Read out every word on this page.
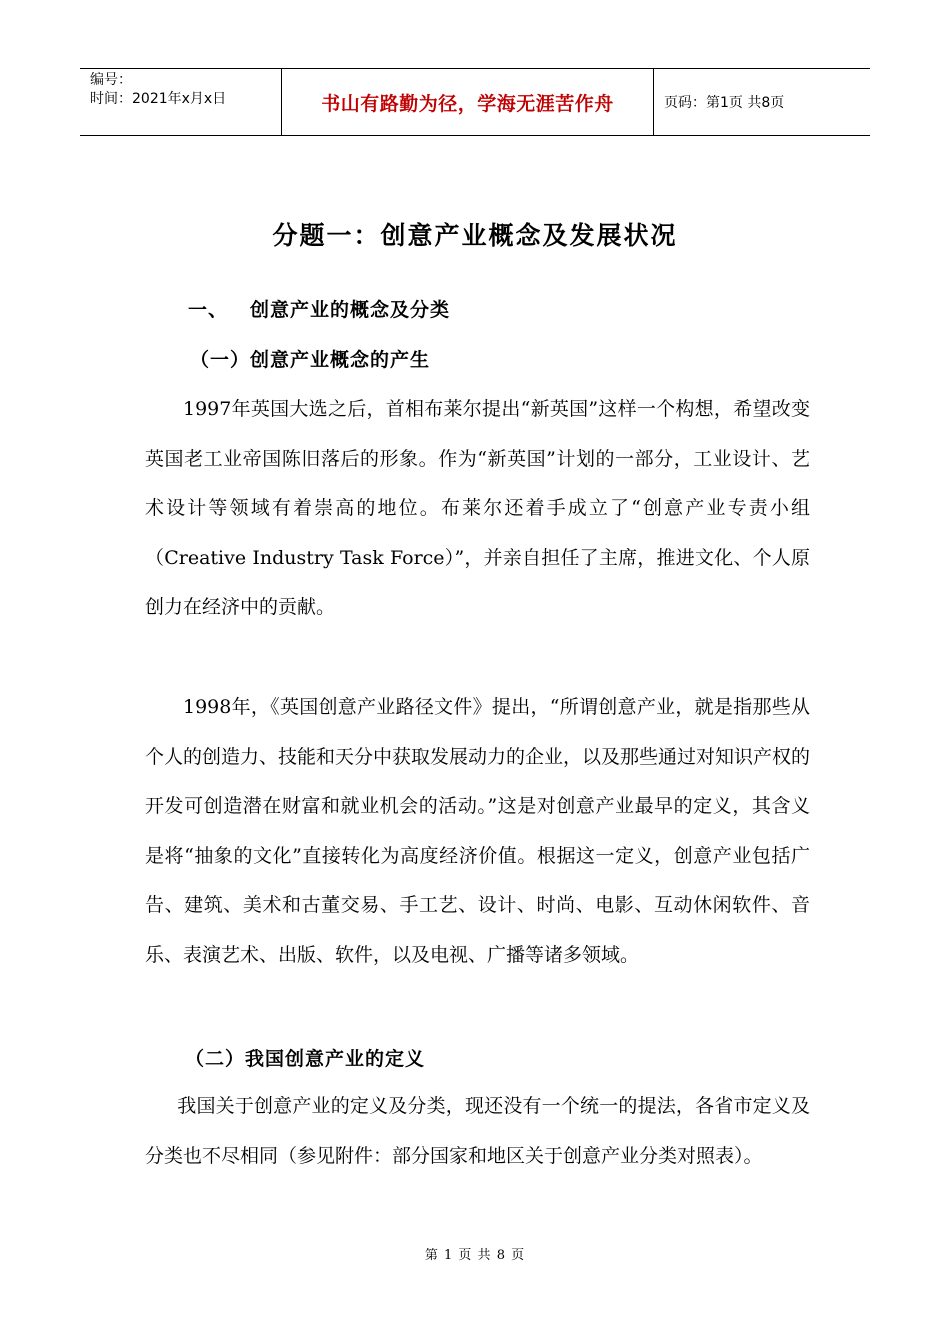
编号：
时间：2021年x月x日	书山有路勤为径，学海无涯苦作舟	页码：第1页 共8页
分题一：创意产业概念及发展状况
一、 创意产业的概念及分类
（一）创意产业概念的产生
1997年英国大选之后，首相布莱尔提出“新英国”这样一个构想，希望改变英国老工业帝国陈旧落后的形象。作为“新英国”计划的一部分，工业设计、艺术设计等领域有着崇高的地位。布莱尔还着手成立了“创意产业专责小组（Creative Industry Task Force）”，并亲自担任了主席，推进文化、个人原创力在经济中的贡献。
1998年，《英国创意产业路径文件》提出，“所谓创意产业，就是指那些从个人的创造力、技能和天分中获取发展动力的企业，以及那些通过对知识产权的开发可创造潜在财富和就业机会的活动。”这是对创意产业最早的定义，其含义是将“抽象的文化”直接转化为高度经济价值。根据这一定义，创意产业包括广告、建筑、美术和古董交易、手工艺、设计、时尚、电影、互动休闲软件、音乐、表演艺术、出版、软件，以及电视、广播等诸多领域。
（二）我国创意产业的定义
我国关于创意产业的定义及分类，现还没有一个统一的提法，各省市定义及分类也不尽相同（参见附件：部分国家和地区关于创意产业分类对照表）。
第 1 页 共 8 页
